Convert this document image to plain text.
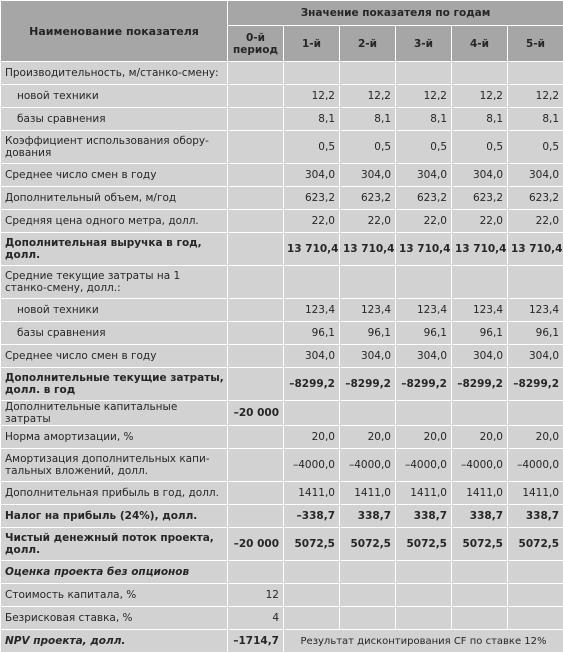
Наименование показателя	Значение показателя по годам					
	0-й период	1-й	2-й	3-й	4-й	5-й
Производительность, м/станко-смену:						
новой техники		12,2	12,2	12,2	12,2	12,2
базы сравнения		8,1	8,1	8,1	8,1	8,1
Коэффициент использования обору-дования		0,5	0,5	0,5	0,5	0,5
Среднее число смен в году		304,0	304,0	304,0	304,0	304,0
Дополнительный объем, м/год		623,2	623,2	623,2	623,2	623,2
Средняя цена одного метра, долл.		22,0	22,0	22,0	22,0	22,0
Дополнительная выручка в год, долл.		13 710,4	13 710,4	13 710,4	13 710,4	13 710,4
Средние текущие затраты на 1 станко-смену, долл.:						
новой техники		123,4	123,4	123,4	123,4	123,4
базы сравнения		96,1	96,1	96,1	96,1	96,1
Среднее число смен в году		304,0	304,0	304,0	304,0	304,0
Дополнительные текущие затраты, долл. в год		–8299,2	–8299,2	–8299,2	–8299,2	–8299,2
Дополнительные капитальные затраты	–20 000					
Норма амортизации, %		20,0	20,0	20,0	20,0	20,0
Амортизация дополнительных капи-тальных вложений, долл.		–4000,0	–4000,0	–4000,0	–4000,0	–4000,0
Дополнительная прибыль в год, долл.		1411,0	1411,0	1411,0	1411,0	1411,0
Налог на прибыль (24%), долл.		–338,7	338,7	338,7	338,7	338,7
Чистый денежный поток проекта, долл.	–20 000	5072,5	5072,5	5072,5	5072,5	5072,5
Оценка проекта без опционов						
Стоимость капитала, %	12					
Безрисковая ставка, %	4					
NPV проекта, долл.	–1714,7	Результат дисконтирования CF по ставке 12%				
